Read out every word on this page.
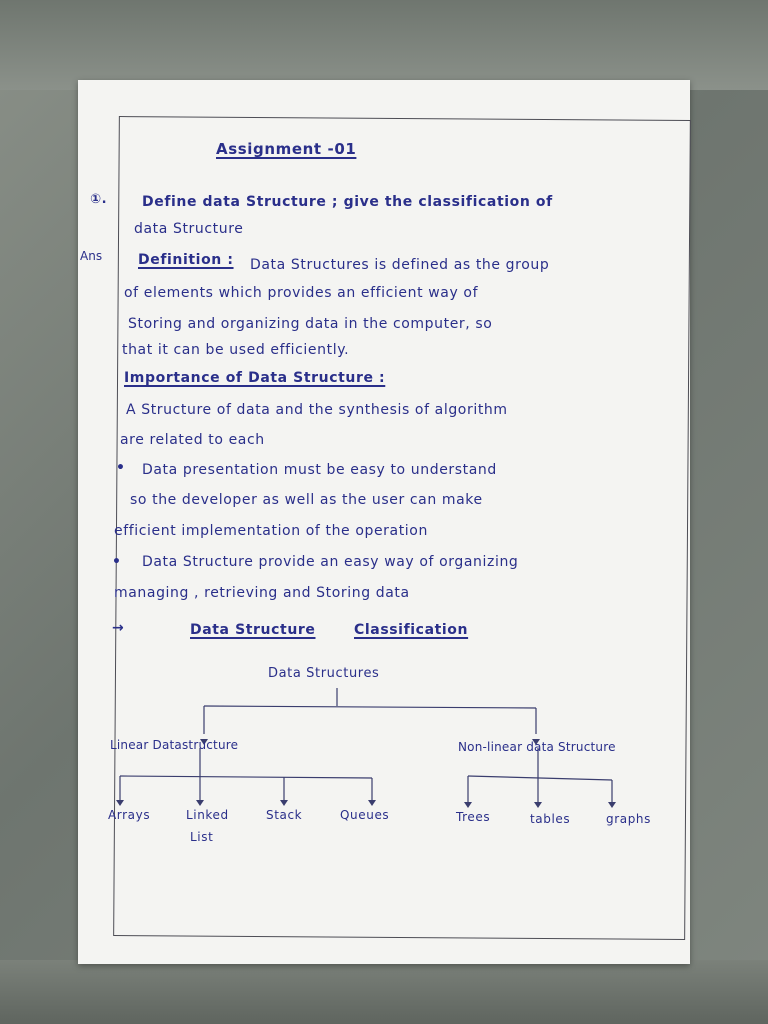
Assignment -01
①. Define data Structure ; give the classification of
data Structure
Ans	Definition : Data Structures is defined as the group
of elements which provides an efficient way of
Storing and organizing data in the computer, so
that it can be used efficiently.
Importance of Data Structure :
A Structure of data and the synthesis of algorithm
are related to each
• Data presentation must be easy to understand
so the developer as well as the user can make
efficient implementation of the operation
• Data Structure provide an easy way of organizing
managing , retrieving and Storing data
→	Data Structure	Classification
Data Structures
Linear Datastructure	Non-linear data Structure
Arrays	Linked
List
Stack	Queues	Trees	tables	graphs
